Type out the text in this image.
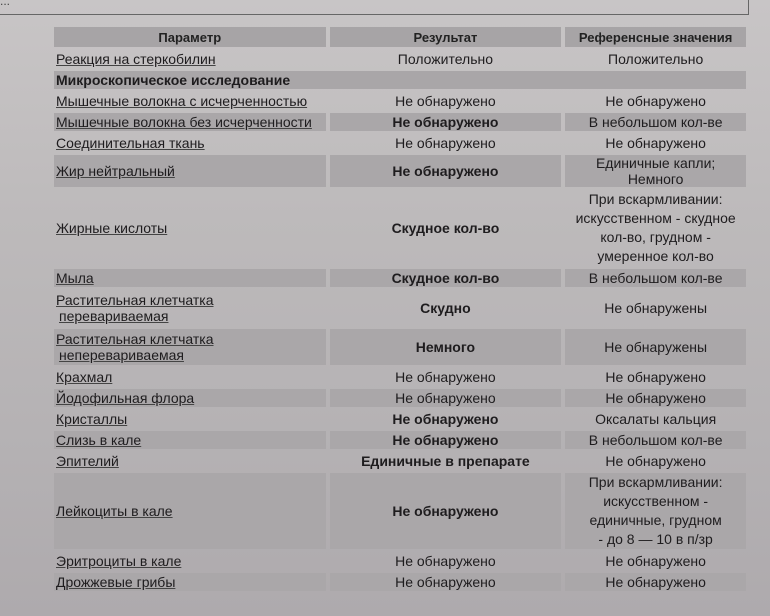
...
Параметр	Результат	Референсные значения

Реакция на стеркобилин	Положительно	Положительно

Микроскопическое исследование		

Мышечные волокна с исчерченностью	Не обнаружено	Не обнаружено

Мышечные волокна без исчерченности	Не обнаружено	В небольшом кол-ве

Соединительная ткань	Не обнаружено	Не обнаружено

Жир нейтральный	Не обнаружено	Единичные капли; Немного

Жирные кислоты	Скудное кол-во	При вскармливании:
искусственном - скудное
кол-во, грудном -
умеренное кол-во

Мыла	Скудное кол-во	В небольшом кол-ве

Растительная клетчатка
перевариваемая	Скудно	Не обнаружены

Растительная клетчатка
неперевариваемая	Немного	Не обнаружены

Крахмал	Не обнаружено	Не обнаружено

Йодофильная флора	Не обнаружено	Не обнаружено

Кристаллы	Не обнаружено	Оксалаты кальция

Слизь в кале	Не обнаружено	В небольшом кол-ве

Эпителий	Единичные в препарате	Не обнаружено

Лейкоциты в кале	Не обнаружено	При вскармливании:
искусственном -
единичные, грудном
- до 8 — 10 в п/зр

Эритроциты в кале	Не обнаружено	Не обнаружено

Дрожжевые грибы	Не обнаружено	Не обнаружено
